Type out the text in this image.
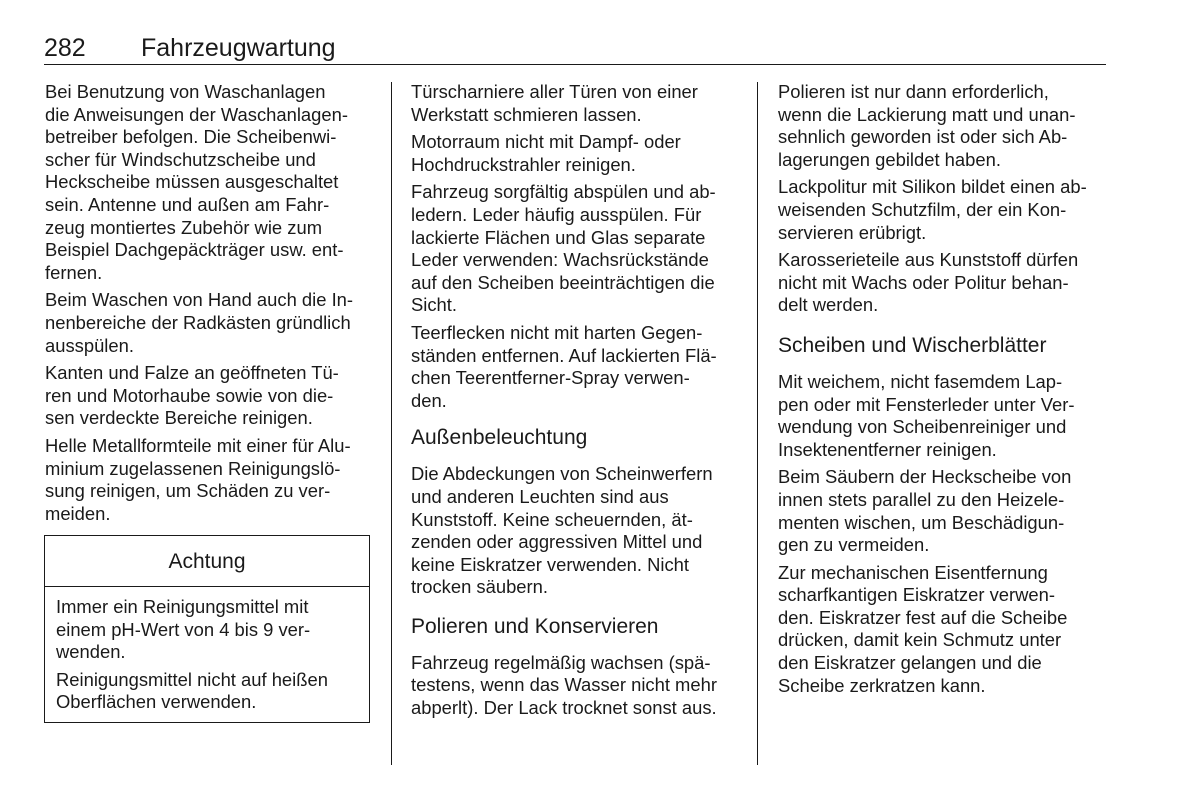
282 Fahrzeugwartung

Bei Benutzung von Waschanlagen
die Anweisungen der Waschanlagen-
betreiber befolgen. Die Scheibenwi-
scher für Windschutzscheibe und
Heckscheibe müssen ausgeschaltet
sein. Antenne und außen am Fahr-
zeug montiertes Zubehör wie zum
Beispiel Dachgepäckträger usw. ent-
fernen.

Beim Waschen von Hand auch die In-
nenbereiche der Radkästen gründlich
ausspülen.

Kanten und Falze an geöffneten Tü-
ren und Motorhaube sowie von die-
sen verdeckte Bereiche reinigen.

Helle Metallformteile mit einer für Alu-
minium zugelassenen Reinigungslö-
sung reinigen, um Schäden zu ver-
meiden.

Achtung

Immer ein Reinigungsmittel mit
einem pH-Wert von 4 bis 9 ver-
wenden.

Reinigungsmittel nicht auf heißen
Oberflächen verwenden.

Türscharniere aller Türen von einer
Werkstatt schmieren lassen.

Motorraum nicht mit Dampf- oder
Hochdruckstrahler reinigen.

Fahrzeug sorgfältig abspülen und ab-
ledern. Leder häufig ausspülen. Für
lackierte Flächen und Glas separate
Leder verwenden: Wachsrückstände
auf den Scheiben beeinträchtigen die
Sicht.

Teerflecken nicht mit harten Gegen-
ständen entfernen. Auf lackierten Flä-
chen Teerentferner-Spray verwen-
den.

Außenbeleuchtung

Die Abdeckungen von Scheinwerfern
und anderen Leuchten sind aus
Kunststoff. Keine scheuernden, ät-
zenden oder aggressiven Mittel und
keine Eiskratzer verwenden. Nicht
trocken säubern.

Polieren und Konservieren

Fahrzeug regelmäßig wachsen (spä-
testens, wenn das Wasser nicht mehr
abperlt). Der Lack trocknet sonst aus.

Polieren ist nur dann erforderlich,
wenn die Lackierung matt und unan-
sehnlich geworden ist oder sich Ab-
lagerungen gebildet haben.

Lackpolitur mit Silikon bildet einen ab-
weisenden Schutzfilm, der ein Kon-
servieren erübrigt.

Karosserieteile aus Kunststoff dürfen
nicht mit Wachs oder Politur behan-
delt werden.

Scheiben und Wischerblätter

Mit weichem, nicht fasemdem Lap-
pen oder mit Fensterleder unter Ver-
wendung von Scheibenreiniger und
Insektenentferner reinigen.

Beim Säubern der Heckscheibe von
innen stets parallel zu den Heizele-
menten wischen, um Beschädigun-
gen zu vermeiden.

Zur mechanischen Eisentfernung
scharfkantigen Eiskratzer verwen-
den. Eiskratzer fest auf die Scheibe
drücken, damit kein Schmutz unter
den Eiskratzer gelangen und die
Scheibe zerkratzen kann.
